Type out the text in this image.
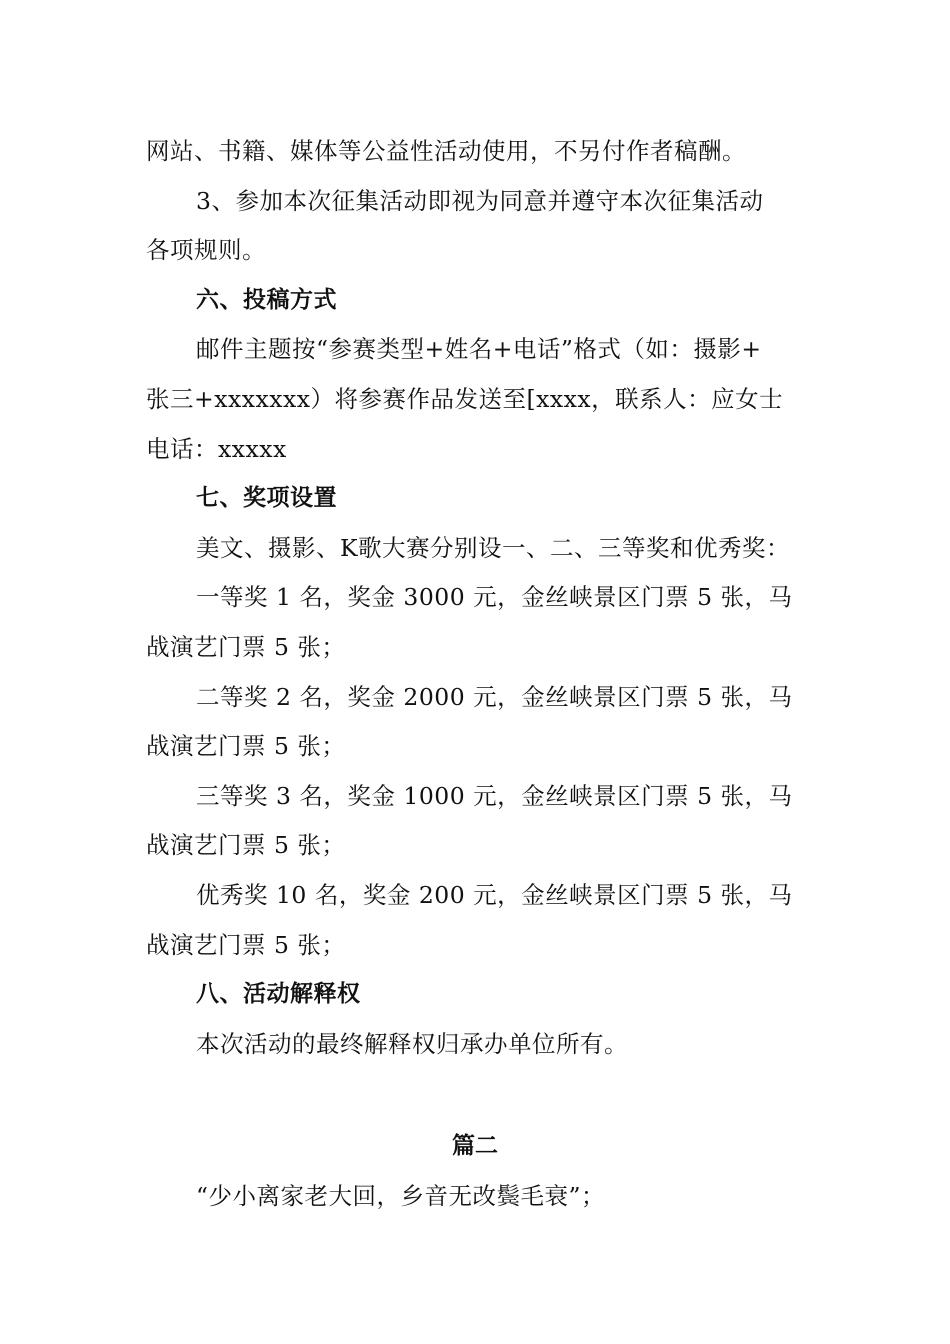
网站、书籍、媒体等公益性活动使用，不另付作者稿酬。
3、参加本次征集活动即视为同意并遵守本次征集活动
各项规则。
六、投稿方式
邮件主题按“参赛类型+姓名+电话”格式（如：摄影+
张三+xxxxxxx）将参赛作品发送至[xxxx，联系人：应女士
电话：xxxxx
七、奖项设置
美文、摄影、K歌大赛分别设一、二、三等奖和优秀奖：
一等奖 1 名，奖金 3000 元，金丝峡景区门票 5 张，马
战演艺门票 5 张；
二等奖 2 名，奖金 2000 元，金丝峡景区门票 5 张，马
战演艺门票 5 张；
三等奖 3 名，奖金 1000 元，金丝峡景区门票 5 张，马
战演艺门票 5 张；
优秀奖 10 名，奖金 200 元，金丝峡景区门票 5 张，马
战演艺门票 5 张；
八、活动解释权
本次活动的最终解释权归承办单位所有。
篇二
“少小离家老大回，乡音无改鬓毛衰”；
